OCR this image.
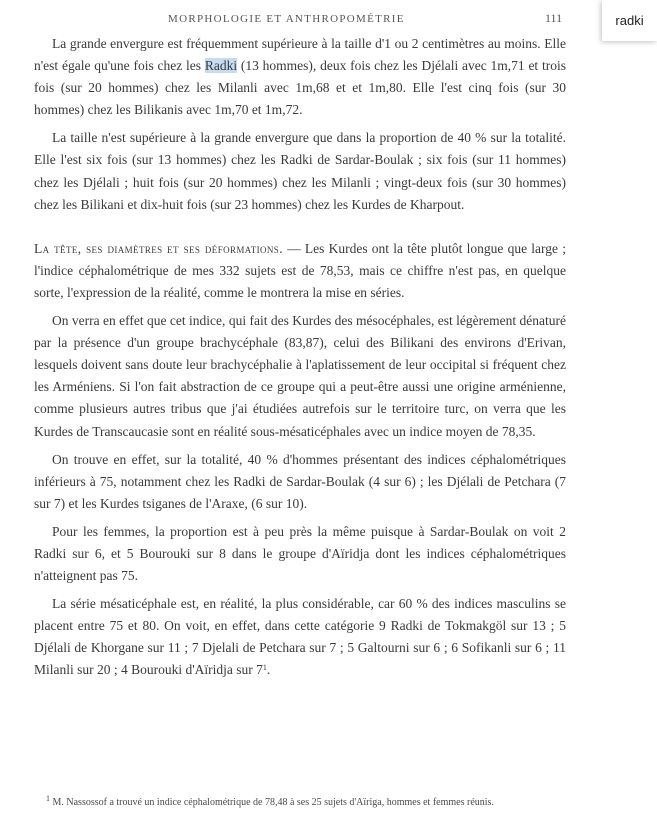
MORPHOLOGIE ET ANTHROPOMÉTRIE	111

La grande envergure est fréquemment supérieure à la taille d'1 ou 2 centimètres au moins. Elle n'est égale qu'une fois chez les Radki (13 hommes), deux fois chez les Djélali avec 1m,71 et trois fois (sur 20 hommes) chez les Milanli avec 1m,68 et et 1m,80. Elle l'est cinq fois (sur 30 hommes) chez les Bilikanis avec 1m,70 et 1m,72.

La taille n'est supérieure à la grande envergure que dans la proportion de 40 % sur la totalité. Elle l'est six fois (sur 13 hommes) chez les Radki de Sardar-Boulak ; six fois (sur 11 hommes) chez les Djélali ; huit fois (sur 20 hommes) chez les Milanli ; vingt-deux fois (sur 30 hommes) chez les Bilikani et dix-huit fois (sur 23 hommes) chez les Kurdes de Kharpout.

La tête, ses diamètres et ses déformations. — Les Kurdes ont la tête plutôt longue que large ; l'indice céphalométrique de mes 332 sujets est de 78,53, mais ce chiffre n'est pas, en quelque sorte, l'expression de la réalité, comme le montrera la mise en séries.

On verra en effet que cet indice, qui fait des Kurdes des mésocéphales, est légèrement dénaturé par la présence d'un groupe brachycéphale (83,87), celui des Bilikani des environs d'Erivan, lesquels doivent sans doute leur brachycéphalie à l'aplatissement de leur occipital si fréquent chez les Arméniens. Si l'on fait abstraction de ce groupe qui a peut-être aussi une origine arménienne, comme plusieurs autres tribus que j'ai étudiées autrefois sur le territoire turc, on verra que les Kurdes de Transcaucasie sont en réalité sous-mésaticéphales avec un indice moyen de 78,35.

On trouve en effet, sur la totalité, 40 % d'hommes présentant des indices céphalométriques inférieurs à 75, notamment chez les Radki de Sardar-Boulak (4 sur 6) ; les Djélali de Petchara (7 sur 7) et les Kurdes tsiganes de l'Araxe, (6 sur 10).

Pour les femmes, la proportion est à peu près la même puisque à Sardar-Boulak on voit 2 Radki sur 6, et 5 Bourouki sur 8 dans le groupe d'Aïridja dont les indices céphalométriques n'atteignent pas 75.

La série mésaticéphale est, en réalité, la plus considérable, car 60 % des indices masculins se placent entre 75 et 80. On voit, en effet, dans cette catégorie 9 Radki de Tokmakgöl sur 13 ; 5 Djélali de Khorgane sur 11 ; 7 Djelali de Petchara sur 7 ; 5 Galtourni sur 6 ; 6 Sofikanli sur 6 ; 11 Milanli sur 20 ; 4 Bourouki d'Aïridja sur $7^1$.

$^1$ M. Nassossof a trouvé un indice céphalométrique de 78,48 à ses 25 sujets d'Aïriga, hommes et femmes réunis.
radki
